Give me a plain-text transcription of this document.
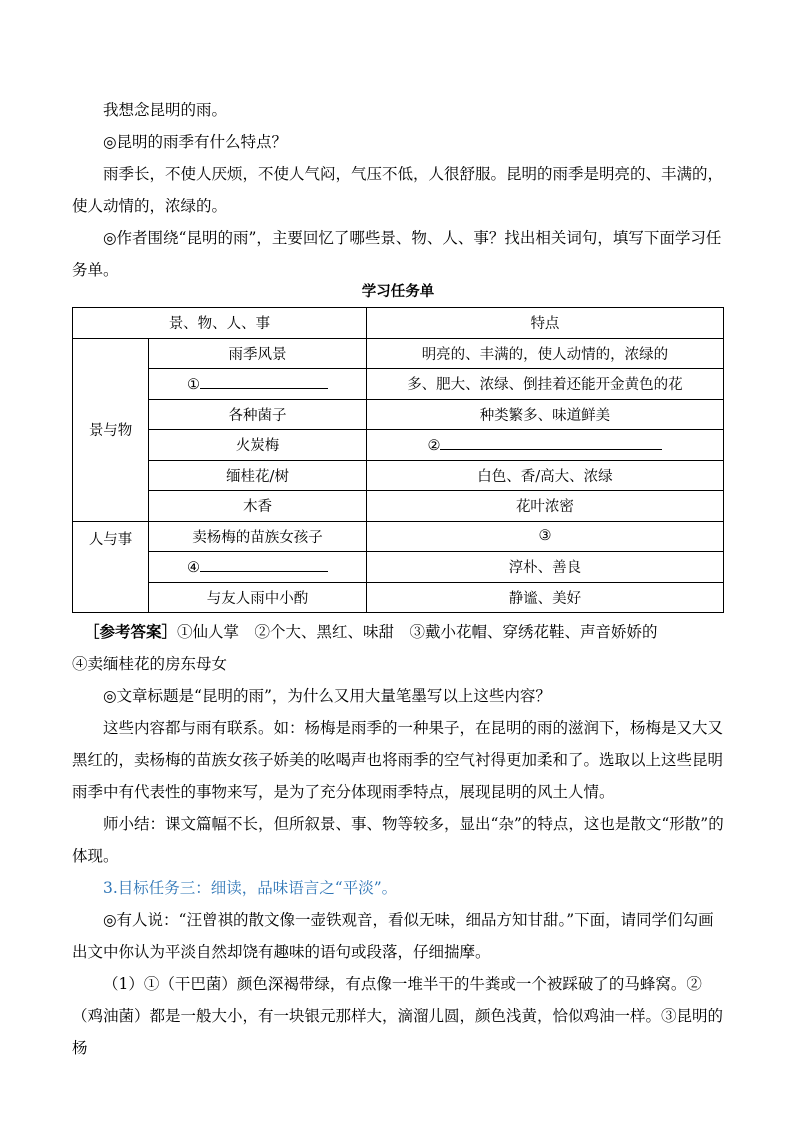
我想念昆明的雨。

◎昆明的雨季有什么特点？

雨季长，不使人厌烦，不使人气闷，气压不低，人很舒服。昆明的雨季是明亮的、丰满的，使人动情的，浓绿的。

◎作者围绕“昆明的雨”，主要回忆了哪些景、物、人、事？找出相关词句，填写下面学习任务单。

学习任务单
景、物、人、事		特点
景与物	雨季风景	明亮的、丰满的，使人动情的，浓绿的
	①	多、肥大、浓绿、倒挂着还能开金黄色的花
	各种菌子	种类繁多、味道鲜美
	火炭梅	②
	缅桂花/树	白色、香/高大、浓绿
	木香	花叶浓密
人与事	卖杨梅的苗族女孩子	③
	④	淳朴、善良
	与友人雨中小酌	静谧、美好

［参考答案］①仙人掌　②个大、黑红、味甜　③戴小花帽、穿绣花鞋、声音娇娇的

④卖缅桂花的房东母女

◎文章标题是“昆明的雨”，为什么又用大量笔墨写以上这些内容？

这些内容都与雨有联系。如：杨梅是雨季的一种果子，在昆明的雨的滋润下，杨梅是又大又黑红的，卖杨梅的苗族女孩子娇美的吆喝声也将雨季的空气衬得更加柔和了。选取以上这些昆明雨季中有代表性的事物来写，是为了充分体现雨季特点，展现昆明的风土人情。

师小结：课文篇幅不长，但所叙景、事、物等较多，显出“杂”的特点，这也是散文“形散”的体现。

3.目标任务三：细读，品味语言之“平淡”。

◎有人说：“汪曾祺的散文像一壶铁观音，看似无味，细品方知甘甜。”下面，请同学们勾画出文中你认为平淡自然却饶有趣味的语句或段落，仔细揣摩。

（1）①（干巴菌）颜色深褐带绿，有点像一堆半干的牛粪或一个被踩破了的马蜂窝。②（鸡油菌）都是一般大小，有一块银元那样大，滴溜儿圆，颜色浅黄，恰似鸡油一样。③昆明的杨
